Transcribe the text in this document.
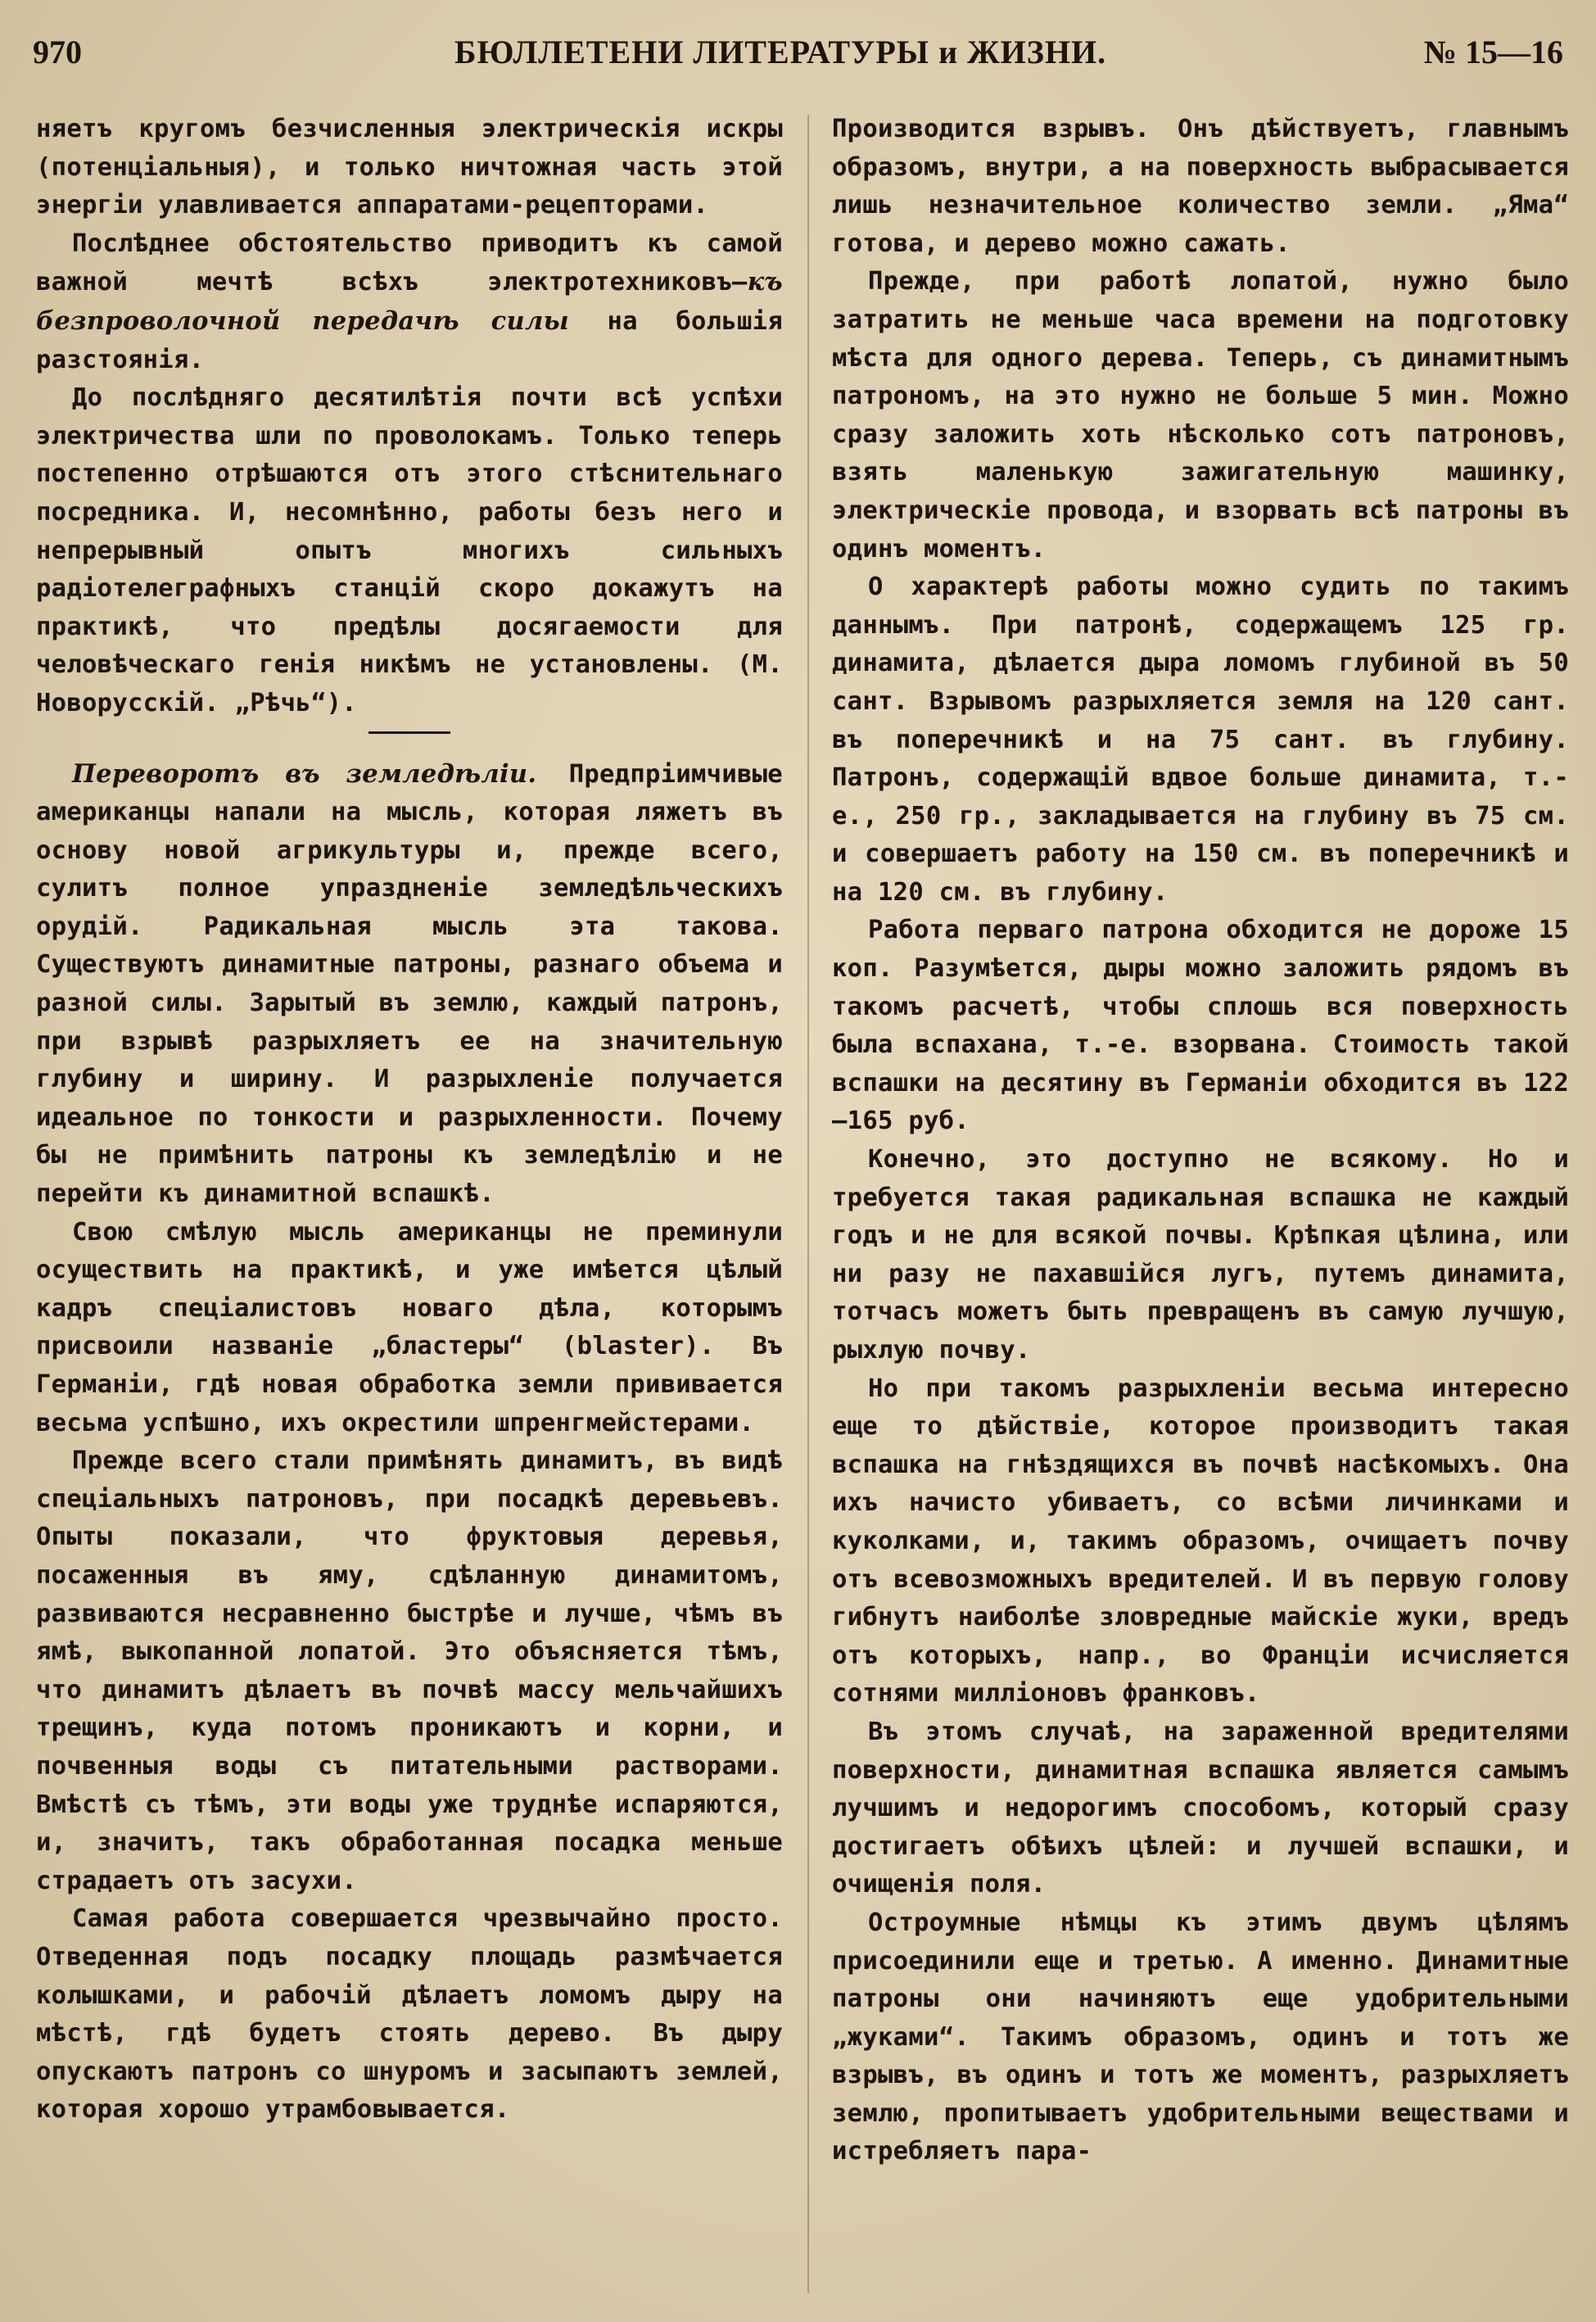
970	БЮЛЛЕТЕНИ ЛИТЕРАТУРЫ и ЖИЗНИ.	№ 15—16

няетъ кругомъ безчисленныя электрическія искры (потенціальныя), и только ничтожная часть этой энергіи улавливается аппаратами-рецепторами.

Послѣднее обстоятельство приводитъ къ самой важной мечтѣ всѣхъ электротехниковъ—къ безпроволочной передачѣ силы на большія разстоянія.

До послѣдняго десятилѣтія почти всѣ успѣхи электричества шли по проволокамъ. Только теперь постепенно отрѣшаются отъ этого стѣснительнаго посредника. И, несомнѣнно, работы безъ него и непрерывный опытъ многихъ сильныхъ радіотелеграфныхъ станцій скоро докажутъ на практикѣ, что предѣлы досягаемости для человѣческаго генія никѣмъ не установлены. (М. Новорусскій. „Рѣчь“).

Переворотъ въ земледѣліи. Предпріимчивые американцы напали на мысль, которая ляжетъ въ основу новой агрикультуры и, прежде всего, сулитъ полное упраздненіе земледѣльческихъ орудій. Радикальная мысль эта такова. Существуютъ динамитные патроны, разнаго объема и разной силы. Зарытый въ землю, каждый патронъ, при взрывѣ разрыхляетъ ее на значительную глубину и ширину. И разрыхленіе получается идеальное по тонкости и разрыхленности. Почему бы не примѣнить патроны къ земледѣлію и не перейти къ динамитной вспашкѣ.

Свою смѣлую мысль американцы не преминули осуществить на практикѣ, и уже имѣется цѣлый кадръ спеціалистовъ новаго дѣла, которымъ присвоили названіе „бластеры“ (blaster). Въ Германіи, гдѣ новая обработка земли прививается весьма успѣшно, ихъ окрестили шпренгмейстерами.

Прежде всего стали примѣнять динамитъ, въ видѣ спеціальныхъ патроновъ, при посадкѣ деревьевъ. Опыты показали, что фруктовыя деревья, посаженныя въ яму, сдѣланную динамитомъ, развиваются несравненно быстрѣе и лучше, чѣмъ въ ямѣ, выкопанной лопатой. Это объясняется тѣмъ, что динамитъ дѣлаетъ въ почвѣ массу мельчайшихъ трещинъ, куда потомъ проникаютъ и корни, и почвенныя воды съ питательными растворами. Вмѣстѣ съ тѣмъ, эти воды уже труднѣе испаряются, и, значитъ, такъ обработанная посадка меньше страдаетъ отъ засухи.

Самая работа совершается чрезвычайно просто. Отведенная подъ посадку площадь размѣчается колышками, и рабочій дѣлаетъ ломомъ дыру на мѣстѣ, гдѣ будетъ стоять дерево. Въ дыру опускаютъ патронъ со шнуромъ и засыпаютъ землей, которая хорошо утрамбовывается.

Производится взрывъ. Онъ дѣйствуетъ, главнымъ образомъ, внутри, а на поверхность выбрасывается лишь незначительное количество земли. „Яма“ готова, и дерево можно сажать.

Прежде, при работѣ лопатой, нужно было затратить не меньше часа времени на подготовку мѣста для одного дерева. Теперь, съ динамитнымъ патрономъ, на это нужно не больше 5 мин. Можно сразу заложить хоть нѣсколько сотъ патроновъ, взять маленькую зажигательную машинку, электрическіе провода, и взорвать всѣ патроны въ одинъ моментъ.

О характерѣ работы можно судить по такимъ даннымъ. При патронѣ, содержащемъ 125 гр. динамита, дѣлается дыра ломомъ глубиной въ 50 сант. Взрывомъ разрыхляется земля на 120 сант. въ поперечникѣ и на 75 сант. въ глубину. Патронъ, содержащій вдвое больше динамита, т.-е., 250 гр., закладывается на глубину въ 75 см. и совершаетъ работу на 150 см. въ поперечникѣ и на 120 см. въ глубину.

Работа перваго патрона обходится не дороже 15 коп. Разумѣется, дыры можно заложить рядомъ въ такомъ расчетѣ, чтобы сплошь вся поверхность была вспахана, т.-е. взорвана. Стоимость такой вспашки на десятину въ Германіи обходится въ 122—165 руб.

Конечно, это доступно не всякому. Но и требуется такая радикальная вспашка не каждый годъ и не для всякой почвы. Крѣпкая цѣлина, или ни разу не пахавшійся лугъ, путемъ динамита, тотчасъ можетъ быть превращенъ въ самую лучшую, рыхлую почву.

Но при такомъ разрыхленіи весьма интересно еще то дѣйствіе, которое производитъ такая вспашка на гнѣздящихся въ почвѣ насѣкомыхъ. Она ихъ начисто убиваетъ, со всѣми личинками и куколками, и, такимъ образомъ, очищаетъ почву отъ всевозможныхъ вредителей. И въ первую голову гибнутъ наиболѣе зловредные майскіе жуки, вредъ отъ которыхъ, напр., во Франціи исчисляется сотнями милліоновъ франковъ.

Въ этомъ случаѣ, на зараженной вредителями поверхности, динамитная вспашка является самымъ лучшимъ и недорогимъ способомъ, который сразу достигаетъ обѣихъ цѣлей: и лучшей вспашки, и очищенія поля.

Остроумные нѣмцы къ этимъ двумъ цѣлямъ присоединили еще и третью. А именно. Динамитные патроны они начиняютъ еще удобрительными „жуками“. Такимъ образомъ, одинъ и тотъ же взрывъ, въ одинъ и тотъ же моментъ, разрыхляетъ землю, пропитываетъ удобрительными веществами и истребляетъ пара-
